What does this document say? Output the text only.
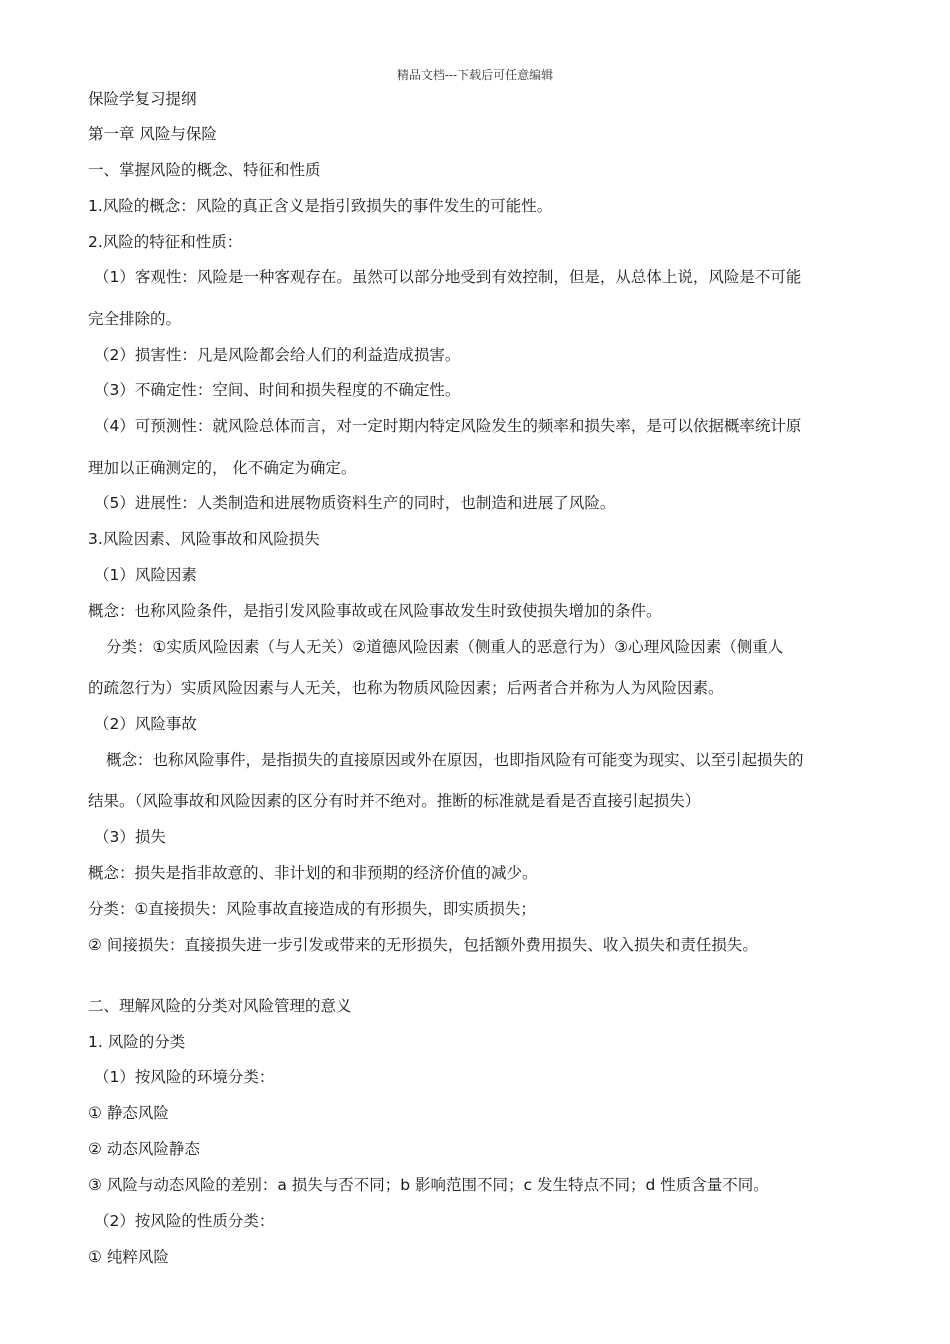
精品文档---下载后可任意编辑
保险学复习提纲
第一章 风险与保险
一、掌握风险的概念、特征和性质
1.风险的概念：风险的真正含义是指引致损失的事件发生的可能性。
2.风险的特征和性质：
（1）客观性：风险是一种客观存在。虽然可以部分地受到有效控制，但是，从总体上说，风险是不可能
完全排除的。
（2）损害性：凡是风险都会给人们的利益造成损害。
（3）不确定性：空间、时间和损失程度的不确定性。
（4）可预测性：就风险总体而言，对一定时期内特定风险发生的频率和损失率，是可以依据概率统计原
理加以正确测定的， 化不确定为确定。
（5）进展性：人类制造和进展物质资料生产的同时，也制造和进展了风险。
3.风险因素、风险事故和风险损失
（1）风险因素
概念：也称风险条件，是指引发风险事故或在风险事故发生时致使损失增加的条件。
分类：①实质风险因素（与人无关）②道德风险因素（侧重人的恶意行为）③心理风险因素（侧重人
的疏忽行为）实质风险因素与人无关，也称为物质风险因素；后两者合并称为人为风险因素。
（2）风险事故
概念：也称风险事件，是指损失的直接原因或外在原因，也即指风险有可能变为现实、以至引起损失的
结果。（风险事故和风险因素的区分有时并不绝对。推断的标准就是看是否直接引起损失）
（3）损失
概念：损失是指非故意的、非计划的和非预期的经济价值的减少。
分类：①直接损失：风险事故直接造成的有形损失，即实质损失；
② 间接损失：直接损失进一步引发或带来的无形损失，包括额外费用损失、收入损失和责任损失。
二、理解风险的分类对风险管理的意义
1. 风险的分类
（1）按风险的环境分类：
① 静态风险
② 动态风险静态
③ 风险与动态风险的差别：a 损失与否不同；b 影响范围不同；c 发生特点不同；d 性质含量不同。
（2）按风险的性质分类：
① 纯粹风险
